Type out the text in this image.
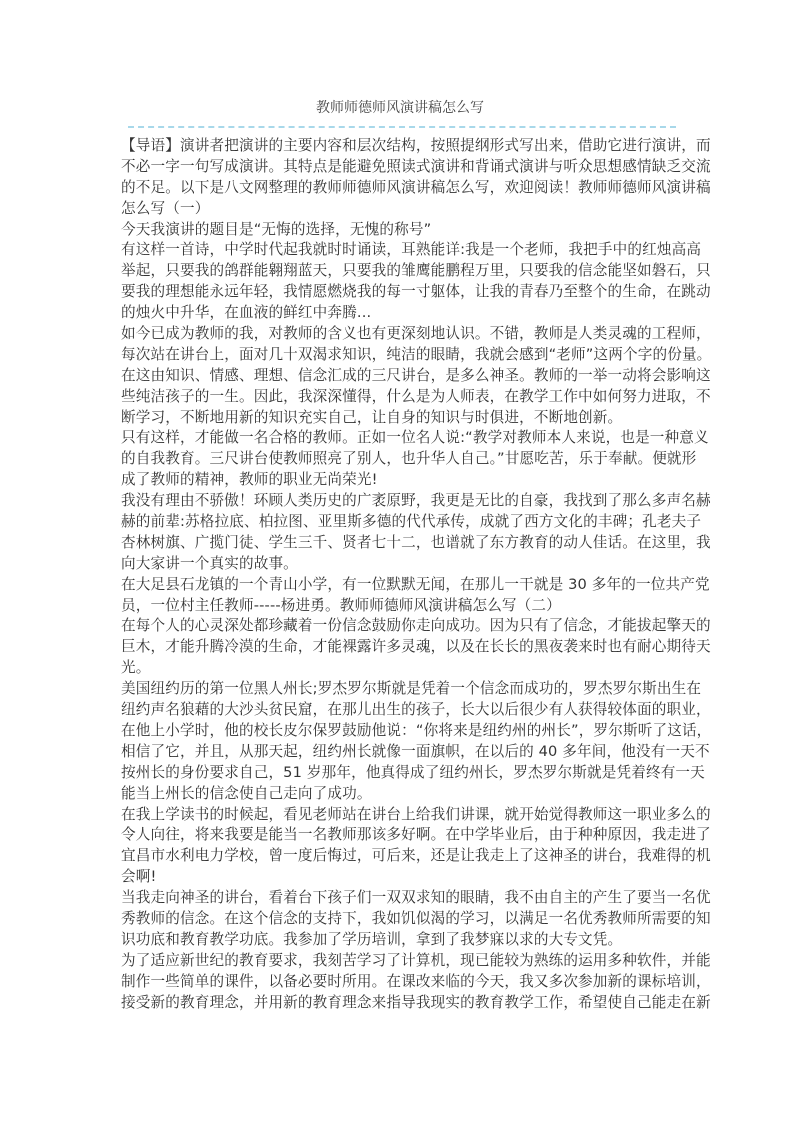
教师师德师风演讲稿怎么写
【导语】演讲者把演讲的主要内容和层次结构，按照提纲形式写出来，借助它进行演讲，而
不必一字一句写成演讲。其特点是能避免照读式演讲和背诵式演讲与听众思想感情缺乏交流
的不足。以下是八文网整理的教师师德师风演讲稿怎么写，欢迎阅读！教师师德师风演讲稿
怎么写（一）
今天我演讲的题目是“无悔的选择，无愧的称号”
有这样一首诗，中学时代起我就时时诵读，耳熟能详:我是一个老师，我把手中的红烛高高
举起，只要我的鸽群能翱翔蓝天，只要我的雏鹰能鹏程万里，只要我的信念能坚如磐石，只
要我的理想能永远年轻，我情愿燃烧我的每一寸躯体，让我的青春乃至整个的生命，在跳动
的烛火中升华，在血液的鲜红中奔腾...
如今已成为教师的我，对教师的含义也有更深刻地认识。不错，教师是人类灵魂的工程师，
每次站在讲台上，面对几十双渴求知识，纯洁的眼睛，我就会感到“老师”这两个字的份量。
在这由知识、情感、理想、信念汇成的三尺讲台，是多么神圣。教师的一举一动将会影响这
些纯洁孩子的一生。因此，我深深懂得，什么是为人师表，在教学工作中如何努力进取，不
断学习，不断地用新的知识充实自己，让自身的知识与时俱进，不断地创新。
只有这样，才能做一名合格的教师。正如一位名人说:“教学对教师本人来说，也是一种意义
的自我教育。三尺讲台使教师照亮了别人，也升华人自己。”甘愿吃苦，乐于奉献。便就形
成了教师的精神，教师的职业无尚荣光!
我没有理由不骄傲！环顾人类历史的广袤原野，我更是无比的自豪，我找到了那么多声名赫
赫的前辈:苏格拉底、柏拉图、亚里斯多德的代代承传，成就了西方文化的丰碑；孔老夫子
杏林树旗、广揽门徒、学生三千、贤者七十二，也谱就了东方教育的动人佳话。在这里，我
向大家讲一个真实的故事。
在大足县石龙镇的一个青山小学，有一位默默无闻，在那儿一干就是 30 多年的一位共产党
员，一位村主任教师-----杨进勇。教师师德师风演讲稿怎么写（二）
在每个人的心灵深处都珍藏着一份信念鼓励你走向成功。因为只有了信念，才能拔起擎天的
巨木，才能升腾冷漠的生命，才能裸露许多灵魂，以及在长长的黑夜袭来时也有耐心期待天
光。
美国纽约历的第一位黑人州长;罗杰罗尔斯就是凭着一个信念而成功的，罗杰罗尔斯出生在
纽约声名狼藉的大沙头贫民窟，在那儿出生的孩子，长大以后很少有人获得较体面的职业，
在他上小学时，他的校长皮尔保罗鼓励他说：“你将来是纽约州的州长”，罗尔斯听了这话，
相信了它，并且，从那天起，纽约州长就像一面旗帜，在以后的 40 多年间，他没有一天不
按州长的身份要求自己，51 岁那年，他真得成了纽约州长，罗杰罗尔斯就是凭着终有一天
能当上州长的信念使自己走向了成功。
在我上学读书的时候起，看见老师站在讲台上给我们讲课，就开始觉得教师这一职业多么的
令人向往，将来我要是能当一名教师那该多好啊。在中学毕业后，由于种种原因，我走进了
宜昌市水利电力学校，曾一度后悔过，可后来，还是让我走上了这神圣的讲台，我难得的机
会啊!
当我走向神圣的讲台，看着台下孩子们一双双求知的眼睛，我不由自主的产生了要当一名优
秀教师的信念。在这个信念的支持下，我如饥似渴的学习，以满足一名优秀教师所需要的知
识功底和教育教学功底。我参加了学历培训，拿到了我梦寐以求的大专文凭。
为了适应新世纪的教育要求，我刻苦学习了计算机，现已能较为熟练的运用多种软件，并能
制作一些简单的课件，以备必要时所用。在课改来临的今天，我又多次参加新的课标培训，
接受新的教育理念，并用新的教育理念来指导我现实的教育教学工作，希望使自己能走在新
